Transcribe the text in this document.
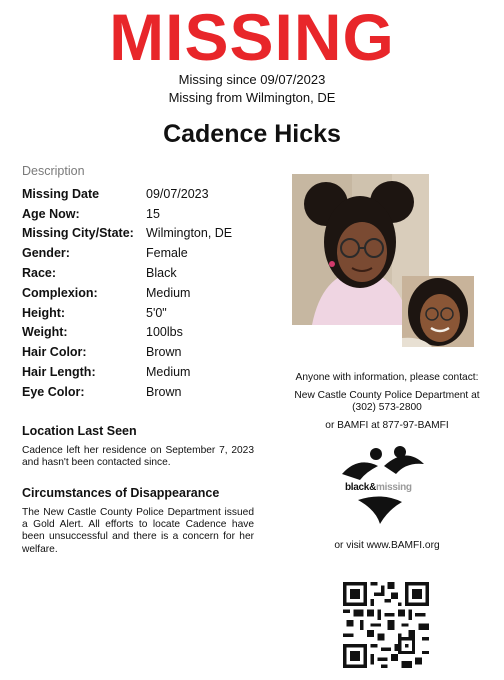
MISSING
Missing since 09/07/2023
Missing from Wilmington, DE
Cadence Hicks
Description
Missing Date	09/07/2023
Age Now:	15
Missing City/State: Wilmington, DE
Gender:	Female
Race:	Black
Complexion:	Medium
Height:	5'0"
Weight:	100lbs
Hair Color:	Brown
Hair Length:	Medium
Eye Color:	Brown
Location Last Seen
Cadence left her residence on September 7, 2023 and hasn't been contacted since.
Circumstances of Disappearance
The New Castle County Police Department issued a Gold Alert. All efforts to locate Cadence have been unsuccessful and there is a concern for her welfare.
Anyone with information, please contact:
New Castle County Police Department at
(302) 573-2800
or BAMFI at 877-97-BAMFI
black&missing
or visit www.BAMFI.org
